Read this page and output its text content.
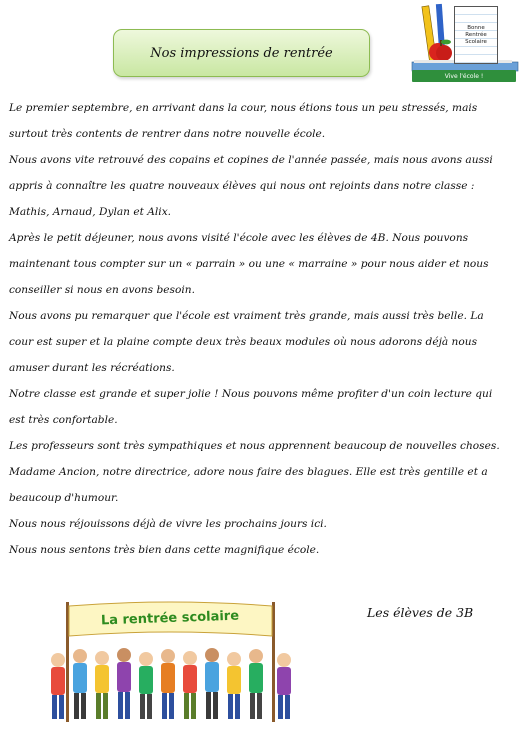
Nos impressions de rentrée
Bonne
Rentrée
Scolaire
Vive l'école !

Le premier septembre, en arrivant dans la cour, nous étions tous un peu stressés, mais surtout très contents de rentrer dans notre nouvelle école.

Nous avons vite retrouvé des copains et copines de l'année passée, mais nous avons aussi appris à connaître les quatre nouveaux élèves qui nous ont rejoints dans notre classe : Mathis, Arnaud, Dylan et Alix.

Après le petit déjeuner, nous avons visité l'école avec les élèves de 4B. Nous pouvons maintenant tous compter sur un « parrain » ou une « marraine » pour nous aider et nous conseiller si nous en avons besoin.

Nous avons pu remarquer que l'école est vraiment très grande, mais aussi très belle. La cour est super et la plaine compte deux très beaux modules où nous adorons déjà nous amuser durant les récréations.

Notre classe est grande et super jolie ! Nous pouvons même profiter d'un coin lecture qui est très confortable.

Les professeurs sont très sympathiques et nous apprennent beaucoup de nouvelles choses.

Madame Ancion, notre directrice, adore nous faire des blagues. Elle est très gentille et a beaucoup d'humour.

Nous nous réjouissons déjà de vivre les prochains jours ici.

Nous nous sentons très bien dans cette magnifique école.

La rentrée scolaire	Les élèves de 3B
